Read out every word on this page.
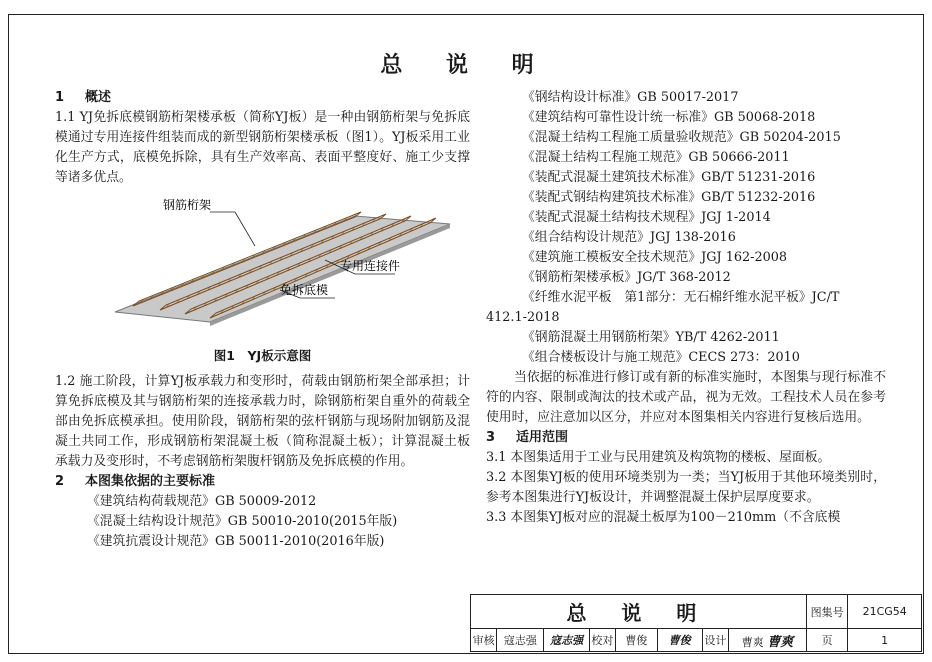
总 说 明

1 概述

1.1 YJ免拆底模钢筋桁架楼承板（简称YJ板）是一种由钢筋桁架与免拆底模通过专用连接件组装而成的新型钢筋桁架楼承板（图1）。YJ板采用工业化生产方式，底模免拆除，具有生产效率高、表面平整度好、施工少支撑等诸多优点。

钢筋桁架
专用连接件
免拆底模

图1　YJ板示意图

1.2 施工阶段，计算YJ板承载力和变形时，荷载由钢筋桁架全部承担；计算免拆底模及其与钢筋桁架的连接承载力时，除钢筋桁架自重外的荷载全部由免拆底模承担。使用阶段，钢筋桁架的弦杆钢筋与现场附加钢筋及混凝土共同工作，形成钢筋桁架混凝土板（简称混凝土板）；计算混凝土板承载力及变形时，不考虑钢筋桁架腹杆钢筋及免拆底模的作用。

2 本图集依据的主要标准

《建筑结构荷载规范》GB 50009-2012

《混凝土结构设计规范》GB 50010-2010(2015年版)

《建筑抗震设计规范》GB 50011-2010(2016年版)

《钢结构设计标准》GB 50017-2017

《建筑结构可靠性设计统一标准》GB 50068-2018

《混凝土结构工程施工质量验收规范》GB 50204-2015

《混凝土结构工程施工规范》GB 50666-2011

《装配式混凝土建筑技术标准》GB/T 51231-2016

《装配式钢结构建筑技术标准》GB/T 51232-2016

《装配式混凝土结构技术规程》JGJ 1-2014

《组合结构设计规范》JGJ 138-2016

《建筑施工模板安全技术规范》JGJ 162-2008

《钢筋桁架楼承板》JG/T 368-2012

《纤维水泥平板　第1部分：无石棉纤维水泥平板》JC/T

412.1-2018

《钢筋混凝土用钢筋桁架》YB/T 4262-2011

《组合楼板设计与施工规范》CECS 273：2010

当依据的标准进行修订或有新的标准实施时，本图集与现行标准不符的内容、限制或淘汰的技术或产品，视为无效。工程技术人员在参考使用时，应注意加以区分，并应对本图集相关内容进行复核后选用。

3 适用范围

3.1 本图集适用于工业与民用建筑及构筑物的楼板、屋面板。

3.2 本图集YJ板的使用环境类别为一类；当YJ板用于其他环境类别时，参考本图集进行YJ板设计，并调整混凝土保护层厚度要求。

3.3 本图集YJ板对应的混凝土板厚为100－210mm（不含底模

总 说 明								图集号	21CG54
审核	寇志强	寇志强	校对	曹俊	曹俊	设计	曹爽 曹爽	页	1
